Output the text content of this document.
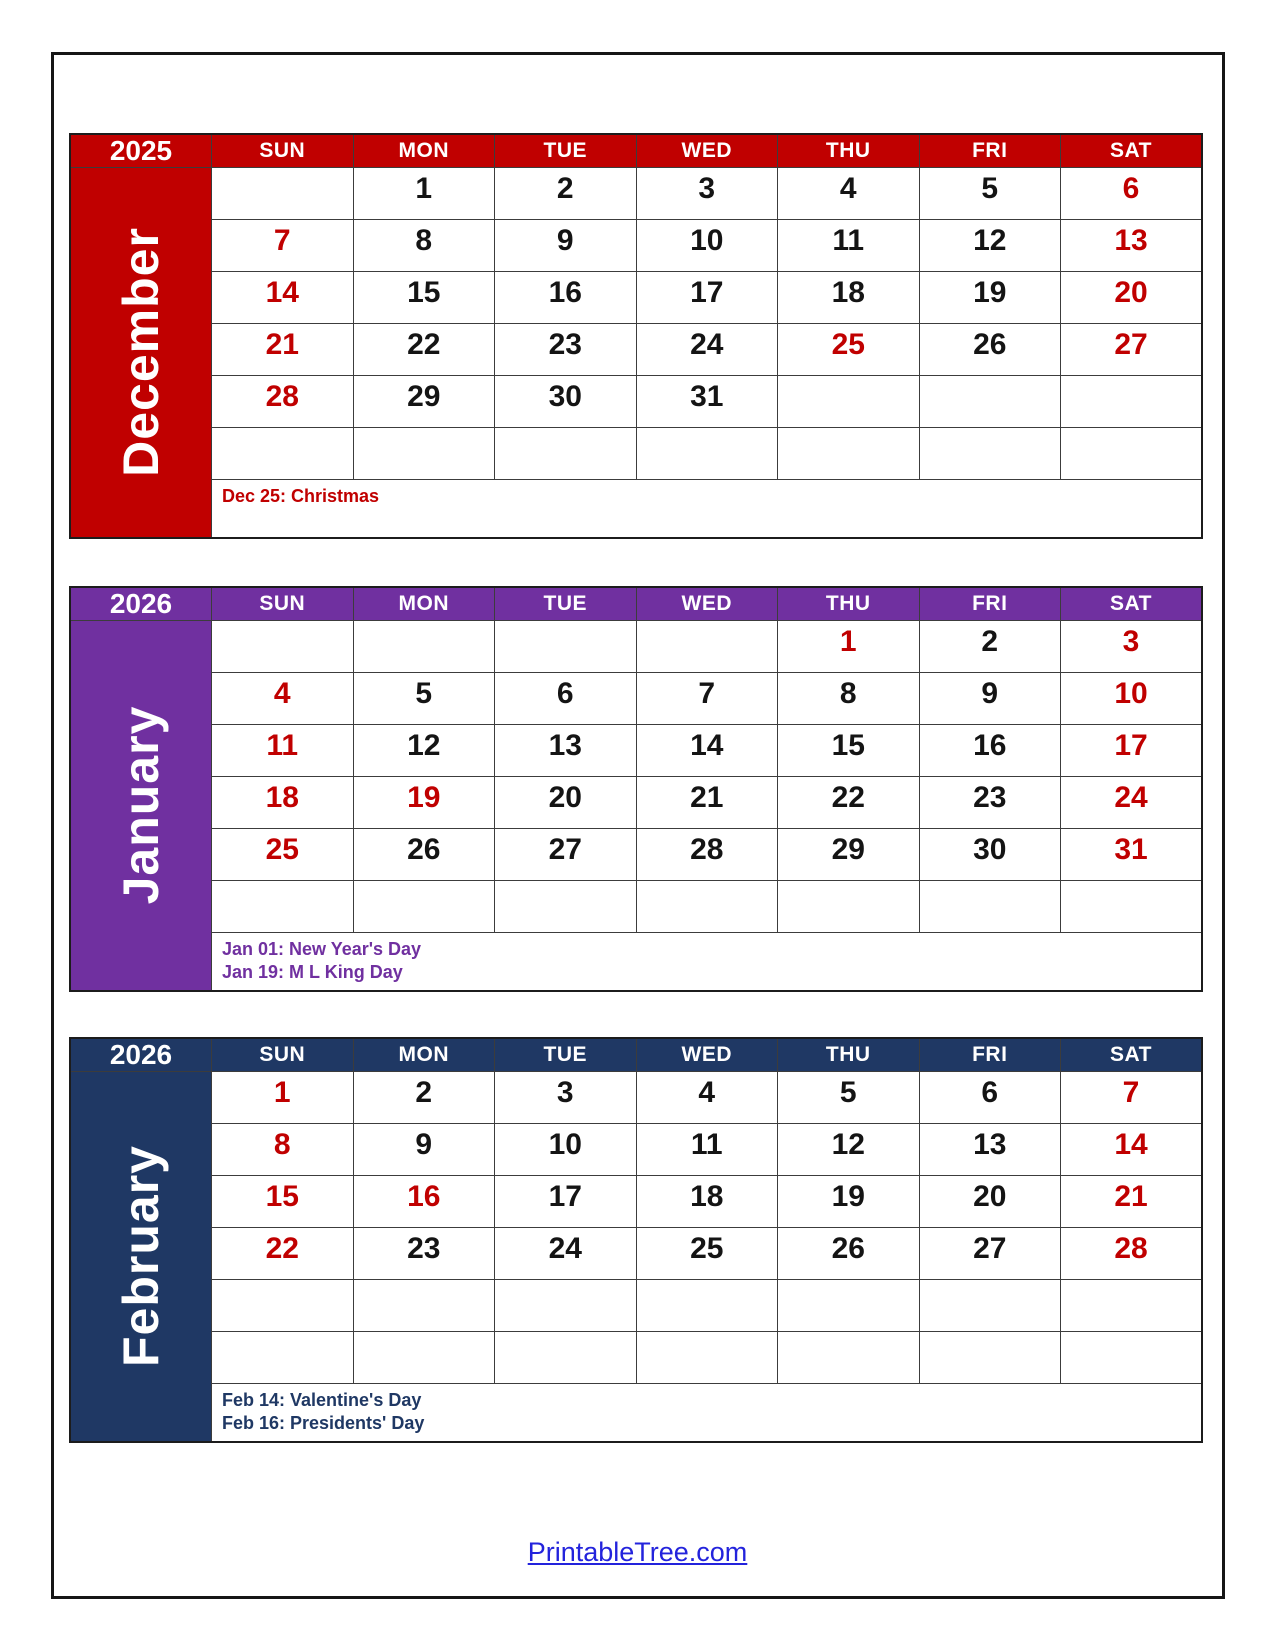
2025	SUN	MON	TUE	WED	THU	FRI	SAT

December		1	2	3	4	5	6
	7	8	9	10	11	12	13
	14	15	16	17	18	19	20
	21	22	23	24	25	26	27
	28	29	30	31			

	Dec 25: Christmas						
2026	SUN	MON	TUE	WED	THU	FRI	SAT

January					1	2	3
	4	5	6	7	8	9	10
	11	12	13	14	15	16	17
	18	19	20	21	22	23	24
	25	26	27	28	29	30	31

	Jan 01: New Year's Day
Jan 19: M L King Day						
2026	SUN	MON	TUE	WED	THU	FRI	SAT

February	1	2	3	4	5	6	7
	8	9	10	11	12	13	14
	15	16	17	18	19	20	21
	22	23	24	25	26	27	28

	Feb 14: Valentine's Day
Feb 16: Presidents' Day						
PrintableTree.com
